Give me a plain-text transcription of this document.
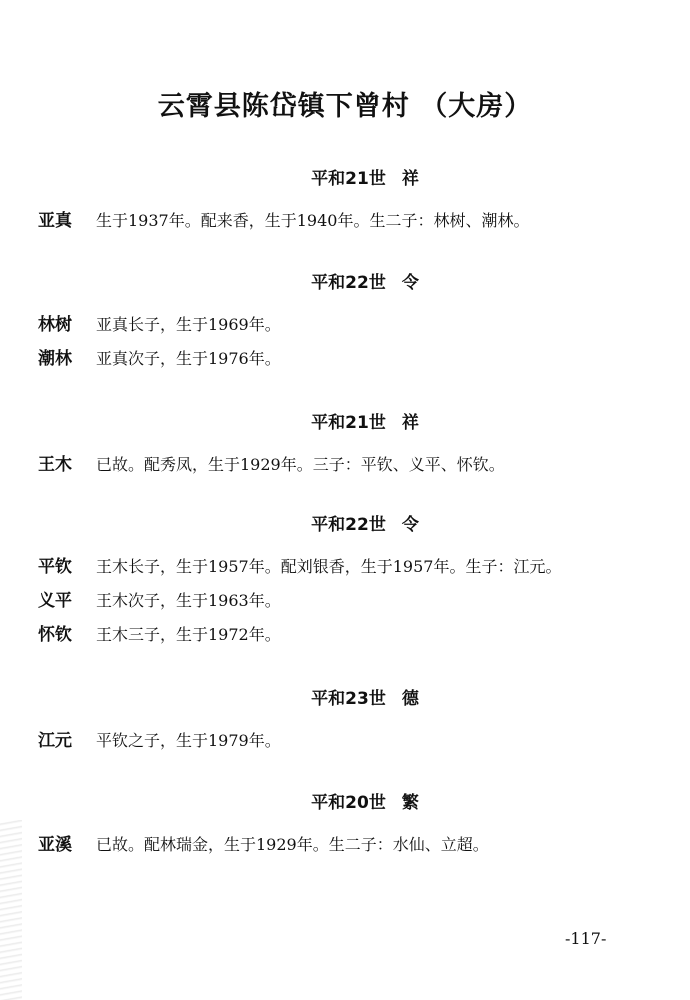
云霄县陈岱镇下曾村 （大房）
平和21世 祥
亚真	生于1937年。配来香，生于1940年。生二子：林树、潮林。
平和22世 令
林树	亚真长子，生于1969年。
潮林	亚真次子，生于1976年。
平和21世 祥
王木	已故。配秀凤，生于1929年。三子：平钦、义平、怀钦。
平和22世 令
平钦	王木长子，生于1957年。配刘银香，生于1957年。生子：江元。
义平	王木次子，生于1963年。
怀钦	王木三子，生于1972年。
平和23世 德
江元	平钦之子，生于1979年。
平和20世 繁
亚溪	已故。配林瑞金，生于1929年。生二子：水仙、立超。
-117-
